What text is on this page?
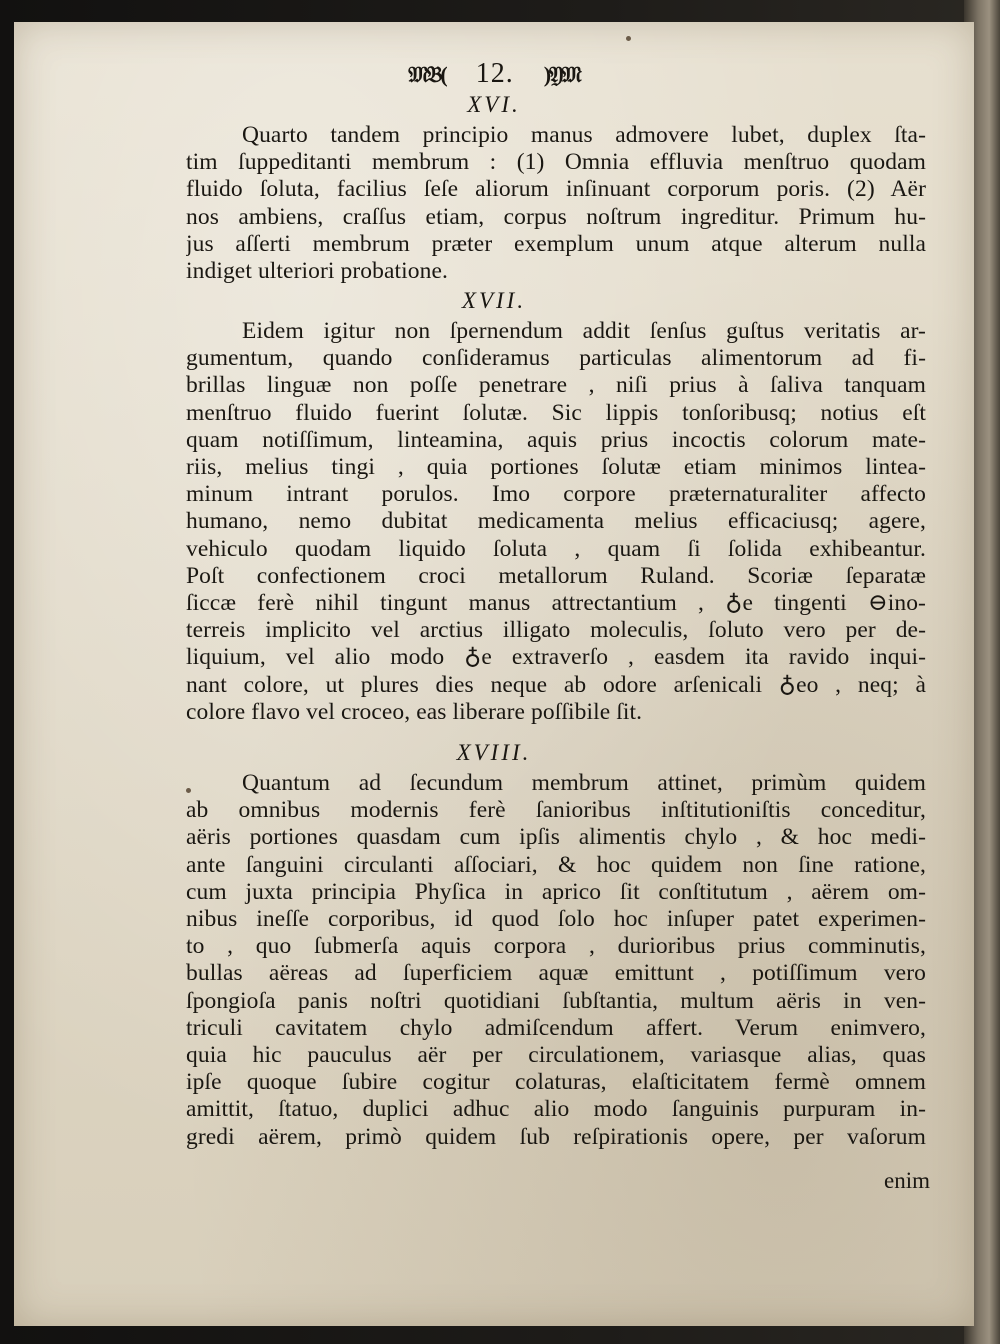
𝔐𝔅( 12. )𝔜𝔐
XVI.
Quarto tandem principio manus admovere lubet, duplex ſta-
tim ſuppeditanti membrum : (1) Omnia effluvia menſtruo quodam
fluido ſoluta, facilius ſeſe aliorum inſinuant corporum poris. (2) Aër
nos ambiens, craſſus etiam, corpus noſtrum ingreditur. Primum hu-
jus aſſerti membrum præter exemplum unum atque alterum nulla
indiget ulteriori probatione.
XVII.
Eidem igitur non ſpernendum addit ſenſus guſtus veritatis ar-
gumentum, quando conſideramus particulas alimentorum ad fi-
brillas linguæ non poſſe penetrare , niſi prius à ſaliva tanquam
menſtruo fluido fuerint ſolutæ. Sic lippis tonſoribusq; notius eſt
quam notiſſimum, linteamina, aquis prius incoctis colorum mate-
riis, melius tingi , quia portiones ſolutæ etiam minimos lintea-
minum intrant porulos. Imo corpore præternaturaliter affecto
humano, nemo dubitat medicamenta melius efficaciusq; agere,
vehiculo quodam liquido ſoluta , quam ſi ſolida exhibeantur.
Poſt confectionem croci metallorum Ruland. Scoriæ ſeparatæ
ſiccæ ferè nihil tingunt manus attrectantium , ♁e tingenti ⊖ino-
terreis implicito vel arctius illigato moleculis, ſoluto vero per de-
liquium, vel alio modo ♁e extraverſo , easdem ita ravido inqui-
nant colore, ut plures dies neque ab odore arſenicali ♁eo , neq; à
colore flavo vel croceo, eas liberare poſſibile ſit.
XVIII.
Quantum ad ſecundum membrum attinet, primùm quidem
ab omnibus modernis ferè ſanioribus inſtitutioniſtis conceditur,
aëris portiones quasdam cum ipſis alimentis chylo , & hoc medi-
ante ſanguini circulanti aſſociari, & hoc quidem non ſine ratione,
cum juxta principia Phyſica in aprico ſit conſtitutum , aërem om-
nibus ineſſe corporibus, id quod ſolo hoc inſuper patet experimen-
to , quo ſubmerſa aquis corpora , durioribus prius comminutis,
bullas aëreas ad ſuperficiem aquæ emittunt , potiſſimum vero
ſpongioſa panis noſtri quotidiani ſubſtantia, multum aëris in ven-
triculi cavitatem chylo admiſcendum affert. Verum enimvero,
quia hic pauculus aër per circulationem, variasque alias, quas
ipſe quoque ſubire cogitur colaturas, elaſticitatem fermè omnem
amittit, ſtatuo, duplici adhuc alio modo ſanguinis purpuram in-
gredi aërem, primò quidem ſub reſpirationis opere, per vaſorum
enim
